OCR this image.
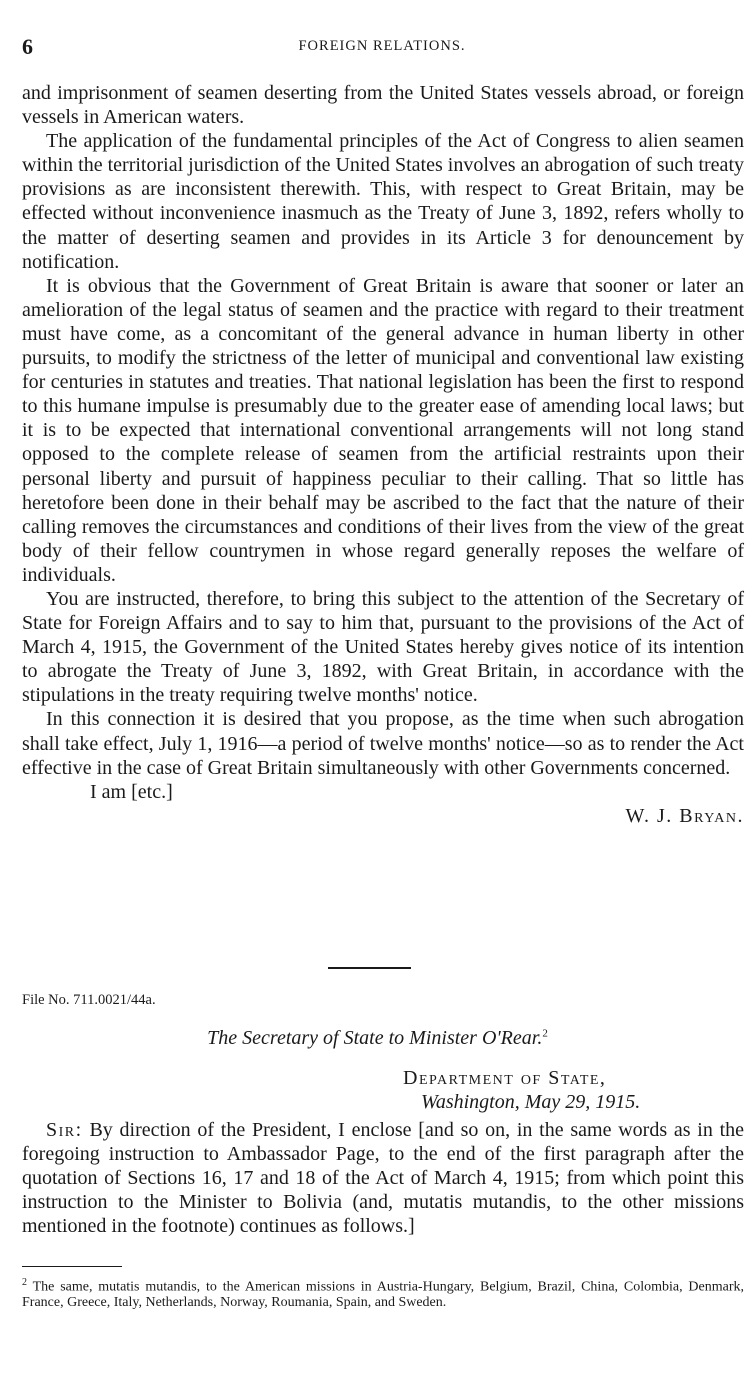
6	FOREIGN RELATIONS.

and imprisonment of seamen deserting from the United States vessels abroad, or foreign vessels in American waters.

The application of the fundamental principles of the Act of Congress to alien seamen within the territorial jurisdiction of the United States involves an abrogation of such treaty provisions as are inconsistent therewith. This, with respect to Great Britain, may be effected without inconvenience inasmuch as the Treaty of June 3, 1892, refers wholly to the matter of deserting seamen and provides in its Article 3 for denouncement by notification.

It is obvious that the Government of Great Britain is aware that sooner or later an amelioration of the legal status of seamen and the practice with regard to their treatment must have come, as a concomitant of the general advance in human liberty in other pursuits, to modify the strictness of the letter of municipal and conventional law existing for centuries in statutes and treaties. That national legislation has been the first to respond to this humane impulse is presumably due to the greater ease of amending local laws; but it is to be expected that international conventional arrangements will not long stand opposed to the complete release of seamen from the artificial restraints upon their personal liberty and pursuit of happiness peculiar to their calling. That so little has heretofore been done in their behalf may be ascribed to the fact that the nature of their calling removes the circumstances and conditions of their lives from the view of the great body of their fellow countrymen in whose regard generally reposes the welfare of individuals.

You are instructed, therefore, to bring this subject to the attention of the Secretary of State for Foreign Affairs and to say to him that, pursuant to the provisions of the Act of March 4, 1915, the Government of the United States hereby gives notice of its intention to abrogate the Treaty of June 3, 1892, with Great Britain, in accordance with the stipulations in the treaty requiring twelve months' notice.

In this connection it is desired that you propose, as the time when such abrogation shall take effect, July 1, 1916—a period of twelve months' notice—so as to render the Act effective in the case of Great Britain simultaneously with other Governments concerned.

I am [etc.]

W. J. Bryan.

File No. 711.0021/44a.
The Secretary of State to Minister O'Rear.$^2$
Department of State,
Washington, May 29, 1915.

Sir: By direction of the President, I enclose [and so on, in the same words as in the foregoing instruction to Ambassador Page, to the end of the first paragraph after the quotation of Sections 16, 17 and 18 of the Act of March 4, 1915; from which point this instruction to the Minister to Bolivia (and, mutatis mutandis, to the other missions mentioned in the footnote) continues as follows.]

$^2$ The same, mutatis mutandis, to the American missions in Austria-Hungary, Belgium, Brazil, China, Colombia, Denmark, France, Greece, Italy, Netherlands, Norway, Roumania, Spain, and Sweden.
